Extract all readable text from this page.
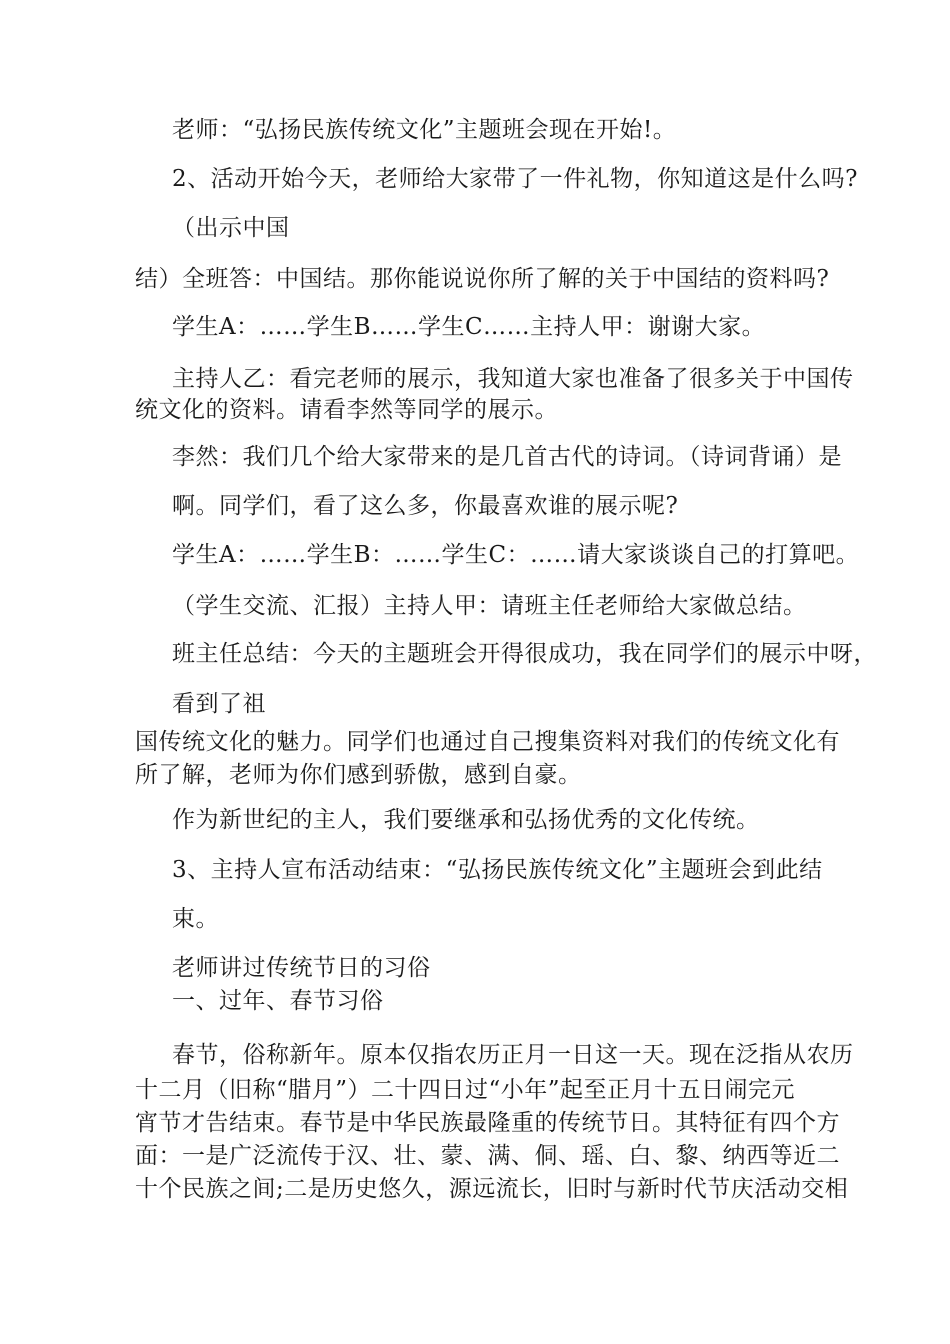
老师：“弘扬民族传统文化”主题班会现在开始!。
2、活动开始今天，老师给大家带了一件礼物，你知道这是什么吗?
（出示中国
结）全班答：中国结。那你能说说你所了解的关于中国结的资料吗?
学生A：……学生B……学生C……主持人甲：谢谢大家。
主持人乙：看完老师的展示，我知道大家也准备了很多关于中国传
统文化的资料。请看李然等同学的展示。
李然：我们几个给大家带来的是几首古代的诗词。（诗词背诵）是
啊。同学们，看了这么多，你最喜欢谁的展示呢?
学生A：……学生B：……学生C：……请大家谈谈自己的打算吧。
（学生交流、汇报）主持人甲：请班主任老师给大家做总结。
班主任总结：今天的主题班会开得很成功，我在同学们的展示中呀，
看到了祖
国传统文化的魅力。同学们也通过自己搜集资料对我们的传统文化有
所了解，老师为你们感到骄傲，感到自豪。
作为新世纪的主人，我们要继承和弘扬优秀的文化传统。
3、主持人宣布活动结束：“弘扬民族传统文化”主题班会到此结
束。
老师讲过传统节日的习俗
一、过年、春节习俗
春节，俗称新年。原本仅指农历正月一日这一天。现在泛指从农历
十二月（旧称“腊月”）二十四日过“小年”起至正月十五日闹完元
宵节才告结束。春节是中华民族最隆重的传统节日。其特征有四个方
面：一是广泛流传于汉、壮、蒙、满、侗、瑶、白、黎、纳西等近二
十个民族之间;二是历史悠久，源远流长，旧时与新时代节庆活动交相
